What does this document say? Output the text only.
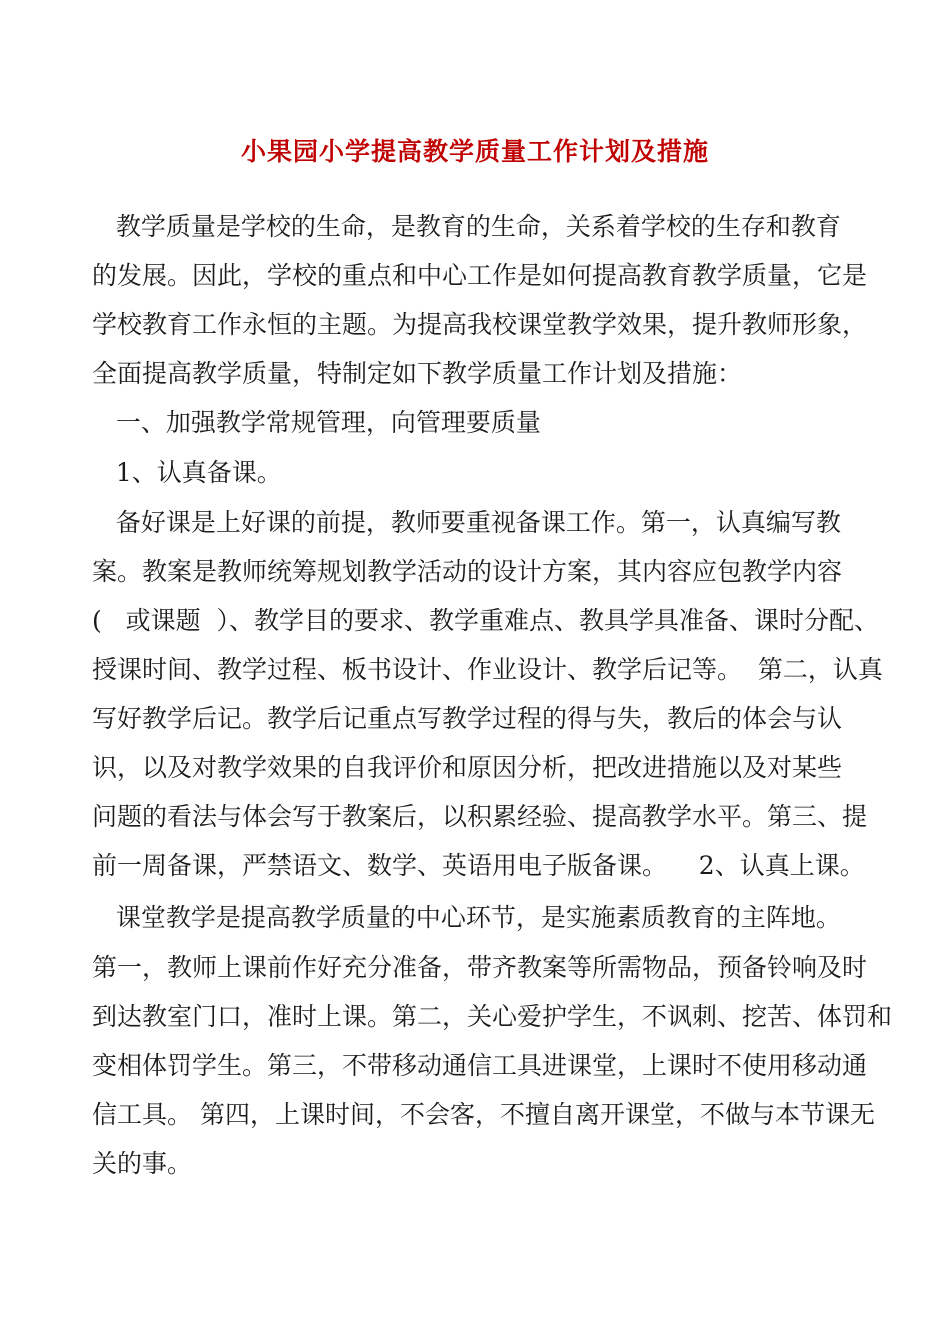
小果园小学提高教学质量工作计划及措施
教学质量是学校的生命，是教育的生命，关系着学校的生存和教育
的发展。因此，学校的重点和中心工作是如何提高教育教学质量，它是
学校教育工作永恒的主题。为提高我校课堂教学效果，提升教师形象，
全面提高教学质量，特制定如下教学质量工作计划及措施：
一、加强教学常规管理，向管理要质量
1、认真备课。
备好课是上好课的前提，教师要重视备课工作。第一，认真编写教
案。教案是教师统筹规划教学活动的设计方案，其内容应包教学内容
(   或课题  ）、教学目的要求、教学重难点、教具学具准备、课时分配、
授课时间、教学过程、板书设计、作业设计、教学后记等。  第二，认真
写好教学后记。教学后记重点写教学过程的得与失，教后的体会与认
识，以及对教学效果的自我评价和原因分析，把改进措施以及对某些
问题的看法与体会写于教案后，以积累经验、提高教学水平。第三、提
前一周备课，严禁语文、数学、英语用电子版备课。    2、认真上课。
课堂教学是提高教学质量的中心环节，是实施素质教育的主阵地。
第一，教师上课前作好充分准备，带齐教案等所需物品，预备铃响及时
到达教室门口，准时上课。第二，关心爱护学生，不讽刺、挖苦、体罚和
变相体罚学生。第三，不带移动通信工具进课堂，上课时不使用移动通
信工具。 第四，上课时间，不会客，不擅自离开课堂，不做与本节课无
关的事。
